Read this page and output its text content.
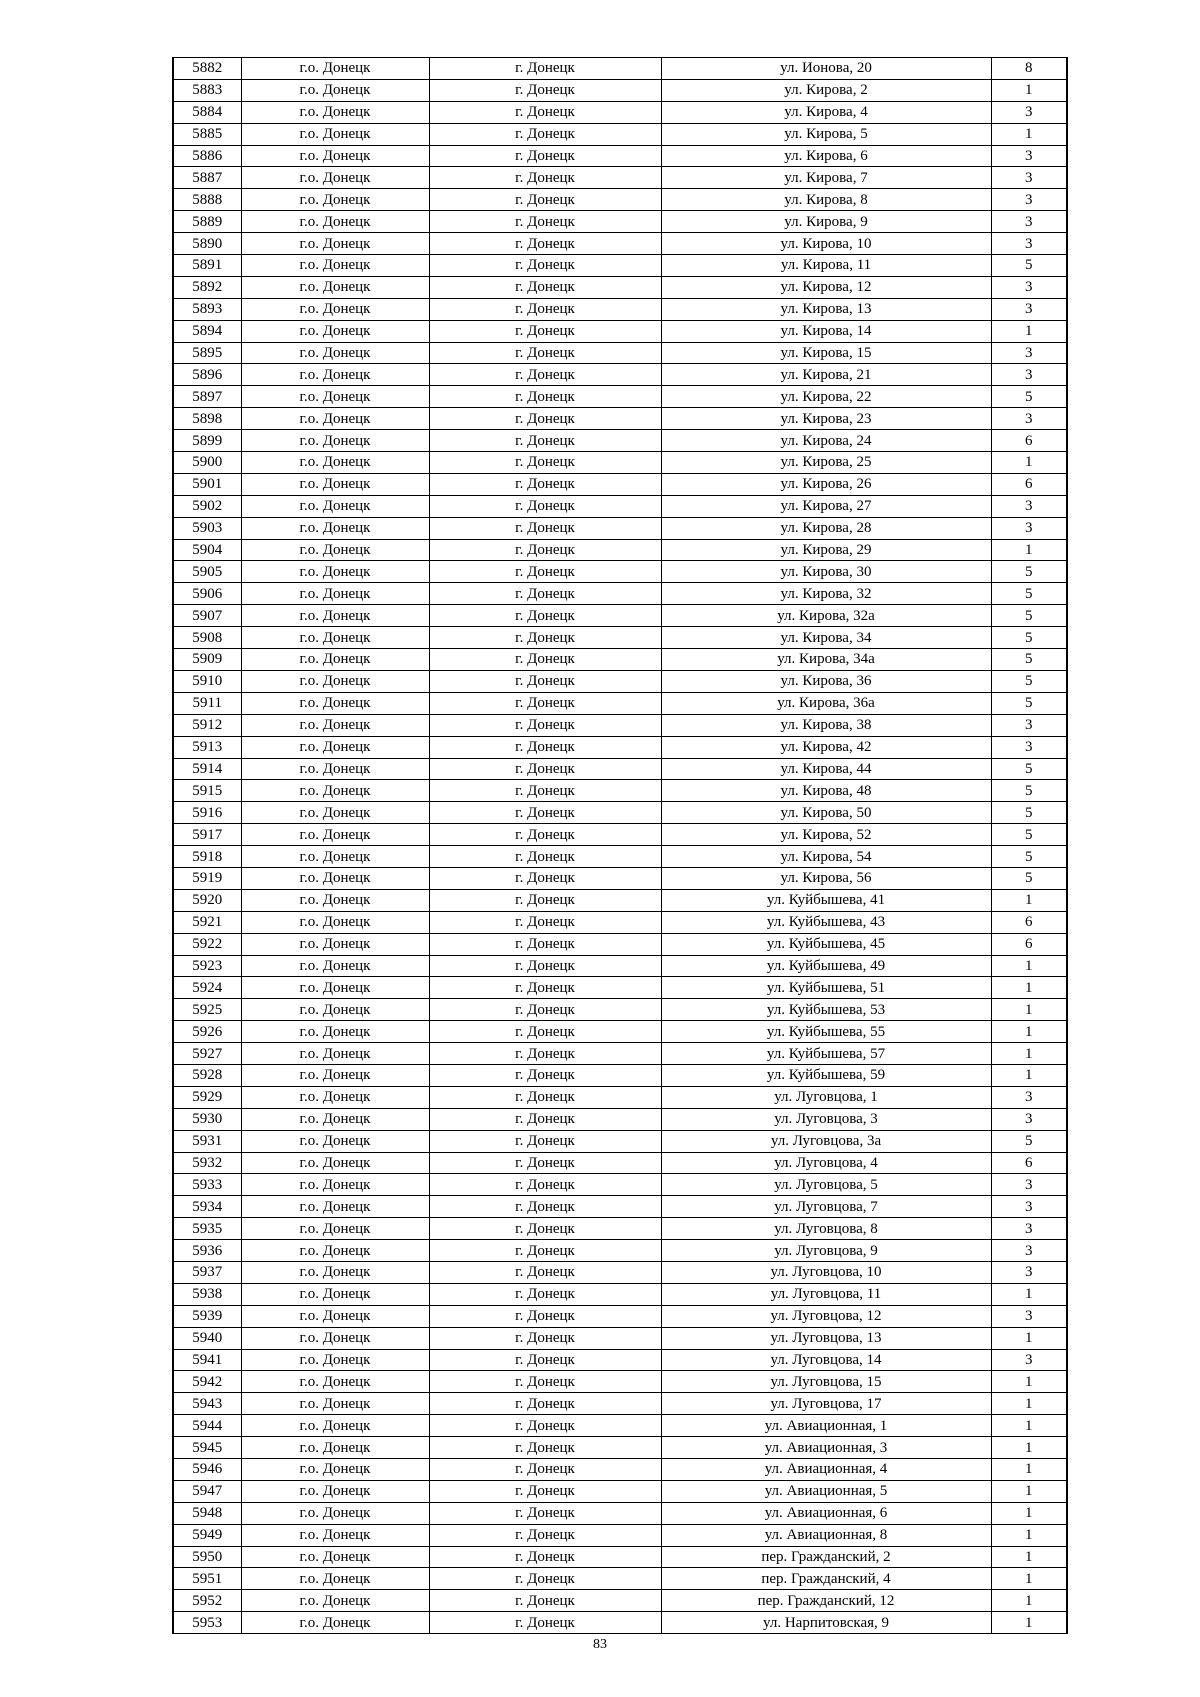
5882	г.о. Донецк	г. Донецк	ул. Ионова, 20	8
5883	г.о. Донецк	г. Донецк	ул. Кирова, 2	1
5884	г.о. Донецк	г. Донецк	ул. Кирова, 4	3
5885	г.о. Донецк	г. Донецк	ул. Кирова, 5	1
5886	г.о. Донецк	г. Донецк	ул. Кирова, 6	3
5887	г.о. Донецк	г. Донецк	ул. Кирова, 7	3
5888	г.о. Донецк	г. Донецк	ул. Кирова, 8	3
5889	г.о. Донецк	г. Донецк	ул. Кирова, 9	3
5890	г.о. Донецк	г. Донецк	ул. Кирова, 10	3
5891	г.о. Донецк	г. Донецк	ул. Кирова, 11	5
5892	г.о. Донецк	г. Донецк	ул. Кирова, 12	3
5893	г.о. Донецк	г. Донецк	ул. Кирова, 13	3
5894	г.о. Донецк	г. Донецк	ул. Кирова, 14	1
5895	г.о. Донецк	г. Донецк	ул. Кирова, 15	3
5896	г.о. Донецк	г. Донецк	ул. Кирова, 21	3
5897	г.о. Донецк	г. Донецк	ул. Кирова, 22	5
5898	г.о. Донецк	г. Донецк	ул. Кирова, 23	3
5899	г.о. Донецк	г. Донецк	ул. Кирова, 24	6
5900	г.о. Донецк	г. Донецк	ул. Кирова, 25	1
5901	г.о. Донецк	г. Донецк	ул. Кирова, 26	6
5902	г.о. Донецк	г. Донецк	ул. Кирова, 27	3
5903	г.о. Донецк	г. Донецк	ул. Кирова, 28	3
5904	г.о. Донецк	г. Донецк	ул. Кирова, 29	1
5905	г.о. Донецк	г. Донецк	ул. Кирова, 30	5
5906	г.о. Донецк	г. Донецк	ул. Кирова, 32	5
5907	г.о. Донецк	г. Донецк	ул. Кирова, 32а	5
5908	г.о. Донецк	г. Донецк	ул. Кирова, 34	5
5909	г.о. Донецк	г. Донецк	ул. Кирова, 34а	5
5910	г.о. Донецк	г. Донецк	ул. Кирова, 36	5
5911	г.о. Донецк	г. Донецк	ул. Кирова, 36а	5
5912	г.о. Донецк	г. Донецк	ул. Кирова, 38	3
5913	г.о. Донецк	г. Донецк	ул. Кирова, 42	3
5914	г.о. Донецк	г. Донецк	ул. Кирова, 44	5
5915	г.о. Донецк	г. Донецк	ул. Кирова, 48	5
5916	г.о. Донецк	г. Донецк	ул. Кирова, 50	5
5917	г.о. Донецк	г. Донецк	ул. Кирова, 52	5
5918	г.о. Донецк	г. Донецк	ул. Кирова, 54	5
5919	г.о. Донецк	г. Донецк	ул. Кирова, 56	5
5920	г.о. Донецк	г. Донецк	ул. Куйбышева, 41	1
5921	г.о. Донецк	г. Донецк	ул. Куйбышева, 43	6
5922	г.о. Донецк	г. Донецк	ул. Куйбышева, 45	6
5923	г.о. Донецк	г. Донецк	ул. Куйбышева, 49	1
5924	г.о. Донецк	г. Донецк	ул. Куйбышева, 51	1
5925	г.о. Донецк	г. Донецк	ул. Куйбышева, 53	1
5926	г.о. Донецк	г. Донецк	ул. Куйбышева, 55	1
5927	г.о. Донецк	г. Донецк	ул. Куйбышева, 57	1
5928	г.о. Донецк	г. Донецк	ул. Куйбышева, 59	1
5929	г.о. Донецк	г. Донецк	ул. Луговцова, 1	3
5930	г.о. Донецк	г. Донецк	ул. Луговцова, 3	3
5931	г.о. Донецк	г. Донецк	ул. Луговцова, 3а	5
5932	г.о. Донецк	г. Донецк	ул. Луговцова, 4	6
5933	г.о. Донецк	г. Донецк	ул. Луговцова, 5	3
5934	г.о. Донецк	г. Донецк	ул. Луговцова, 7	3
5935	г.о. Донецк	г. Донецк	ул. Луговцова, 8	3
5936	г.о. Донецк	г. Донецк	ул. Луговцова, 9	3
5937	г.о. Донецк	г. Донецк	ул. Луговцова, 10	3
5938	г.о. Донецк	г. Донецк	ул. Луговцова, 11	1
5939	г.о. Донецк	г. Донецк	ул. Луговцова, 12	3
5940	г.о. Донецк	г. Донецк	ул. Луговцова, 13	1
5941	г.о. Донецк	г. Донецк	ул. Луговцова, 14	3
5942	г.о. Донецк	г. Донецк	ул. Луговцова, 15	1
5943	г.о. Донецк	г. Донецк	ул. Луговцова, 17	1
5944	г.о. Донецк	г. Донецк	ул. Авиационная, 1	1
5945	г.о. Донецк	г. Донецк	ул. Авиационная, 3	1
5946	г.о. Донецк	г. Донецк	ул. Авиационная, 4	1
5947	г.о. Донецк	г. Донецк	ул. Авиационная, 5	1
5948	г.о. Донецк	г. Донецк	ул. Авиационная, 6	1
5949	г.о. Донецк	г. Донецк	ул. Авиационная, 8	1
5950	г.о. Донецк	г. Донецк	пер. Гражданский, 2	1
5951	г.о. Донецк	г. Донецк	пер. Гражданский, 4	1
5952	г.о. Донецк	г. Донецк	пер. Гражданский, 12	1
5953	г.о. Донецк	г. Донецк	ул. Нарпитовская, 9	1
83
